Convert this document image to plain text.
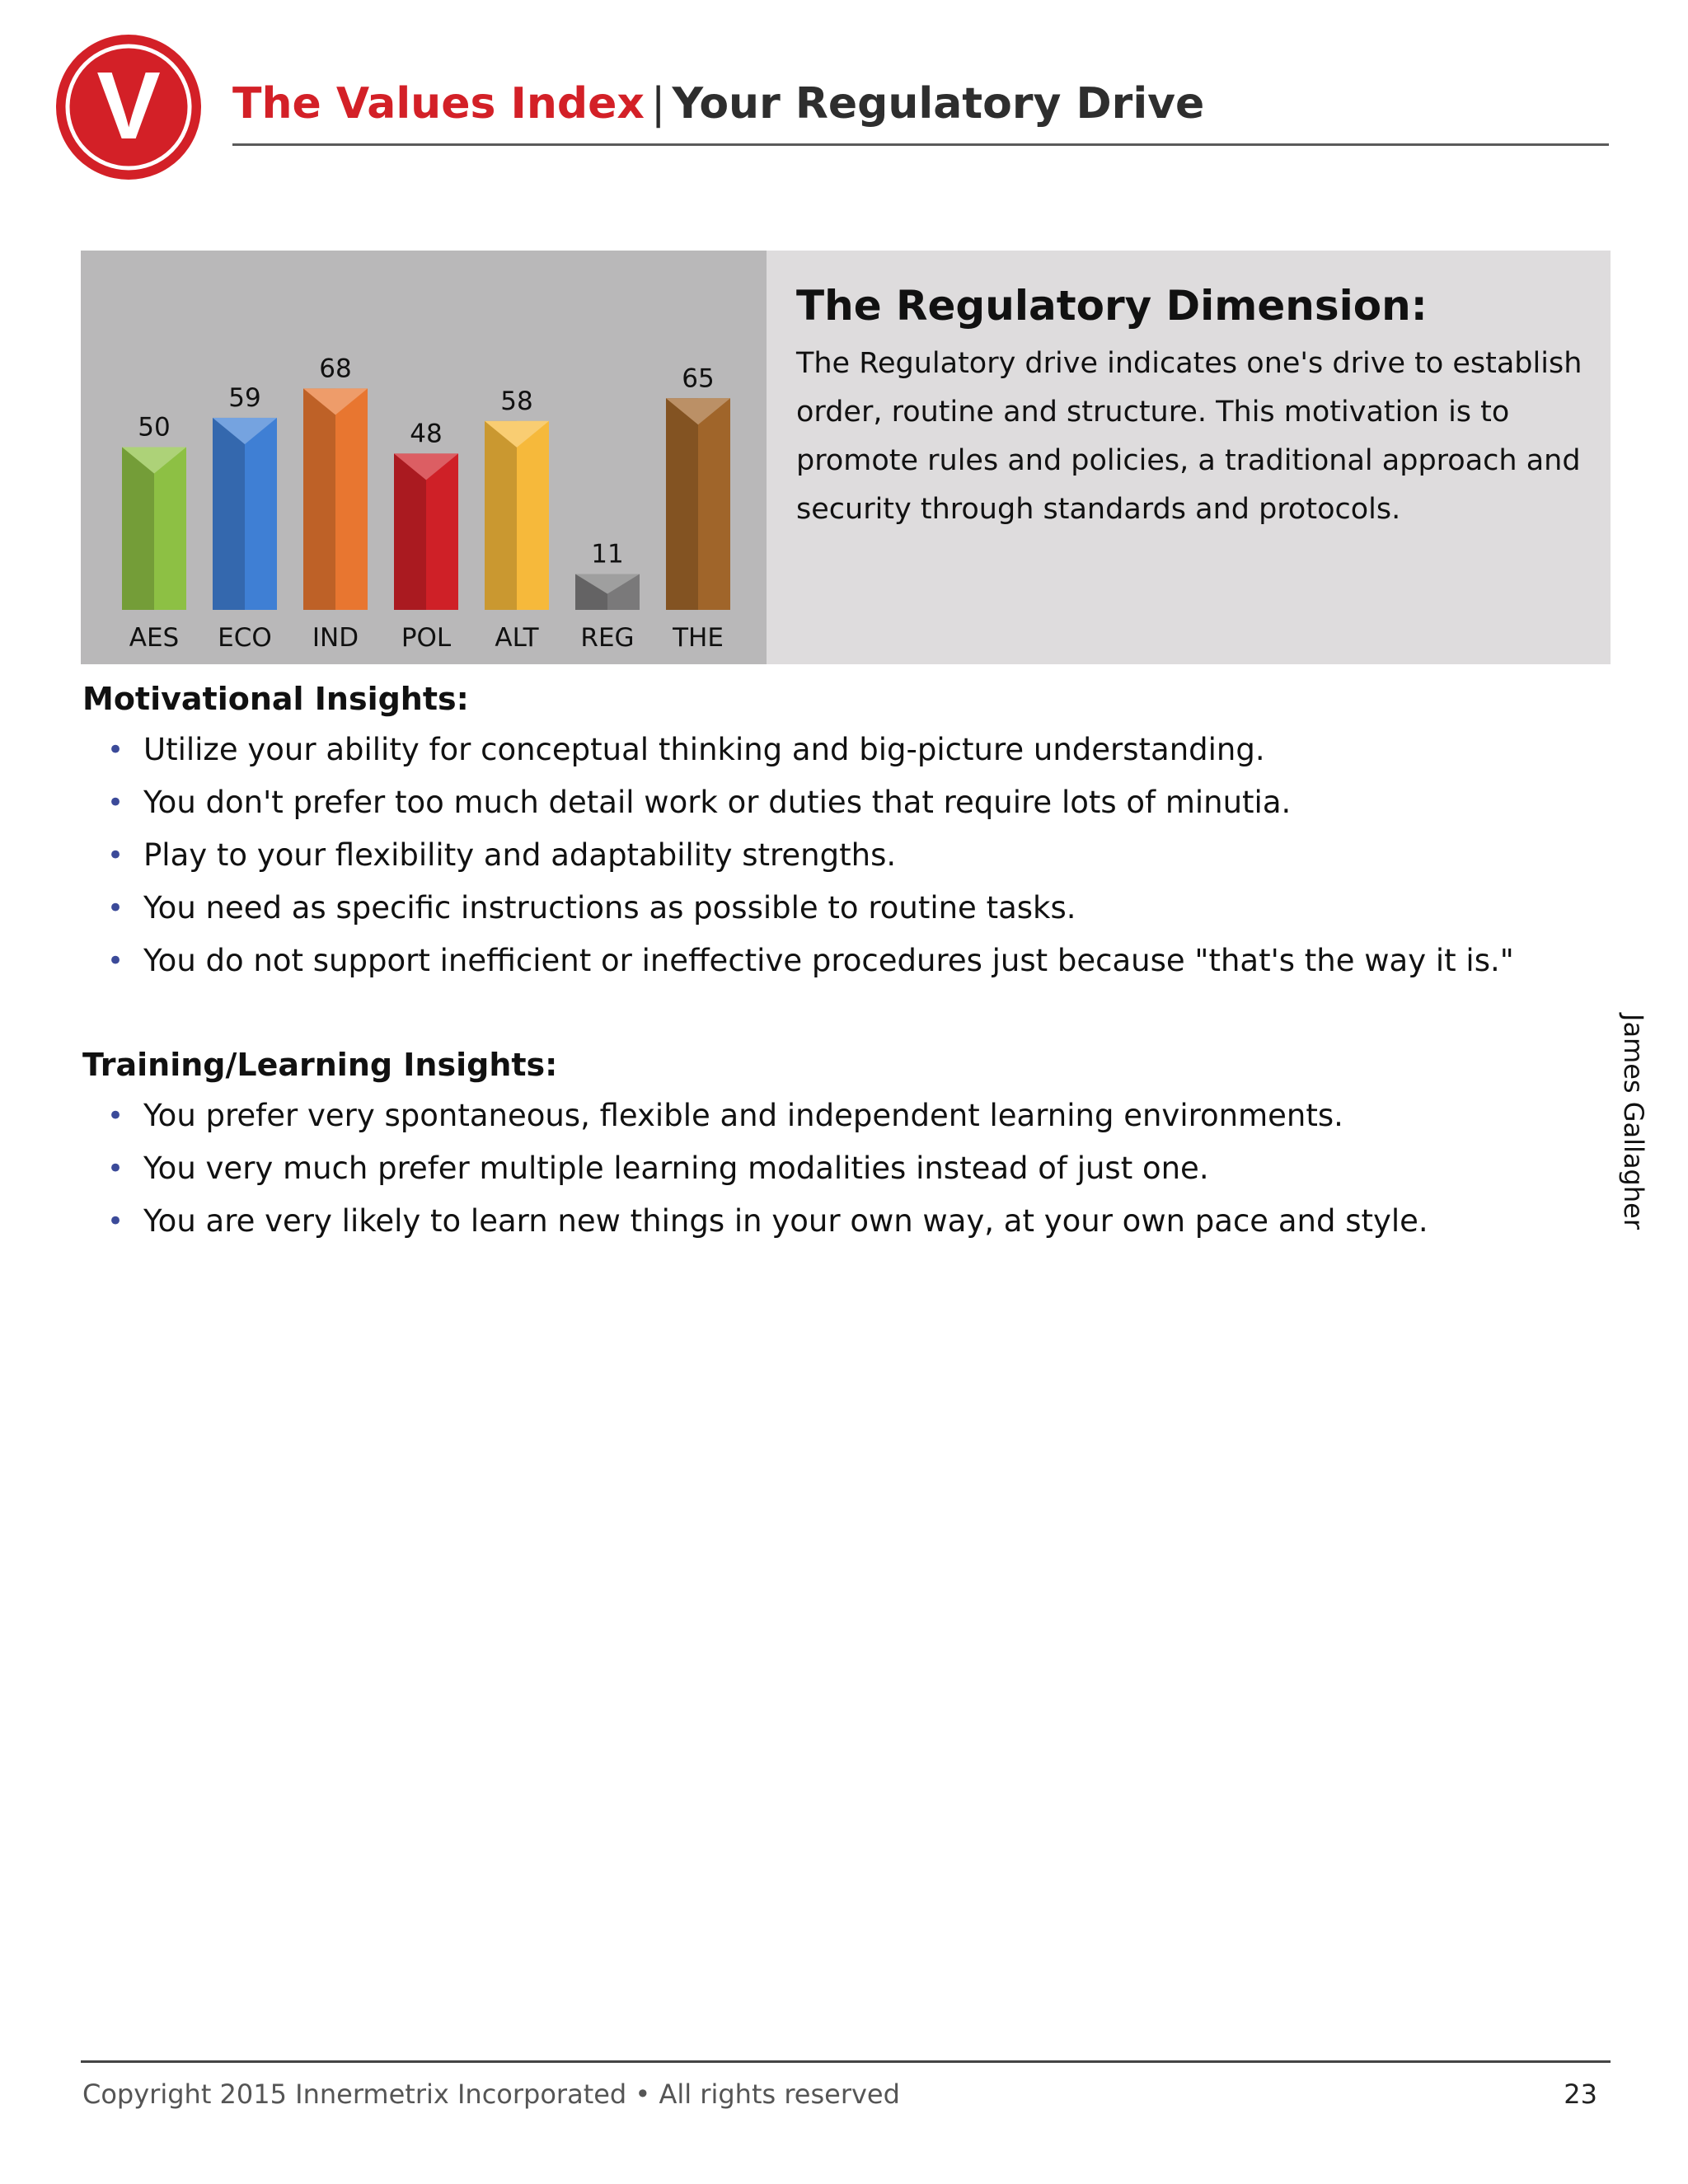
V The Values Index | Your Regulatory Drive
50
AES
59
ECO
68
IND
48
POL
58
ALT
11
REG
65
THE
The Regulatory Dimension:
The Regulatory drive indicates one's drive to establish order, routine and structure. This motivation is to promote rules and policies, a traditional approach and security through standards and protocols.
Motivational Insights:
• Utilize your ability for conceptual thinking and big-picture understanding.
• You don't prefer too much detail work or duties that require lots of minutia.
• Play to your flexibility and adaptability strengths.
• You need as specific instructions as possible to routine tasks.
• You do not support inefficient or ineffective procedures just because "that's the way it is."
Training/Learning Insights:
• You prefer very spontaneous, flexible and independent learning environments.
• You very much prefer multiple learning modalities instead of just one.
• You are very likely to learn new things in your own way, at your own pace and style.	James Gallagher
Copyright 2015 Innermetrix Incorporated • All rights reserved	23
